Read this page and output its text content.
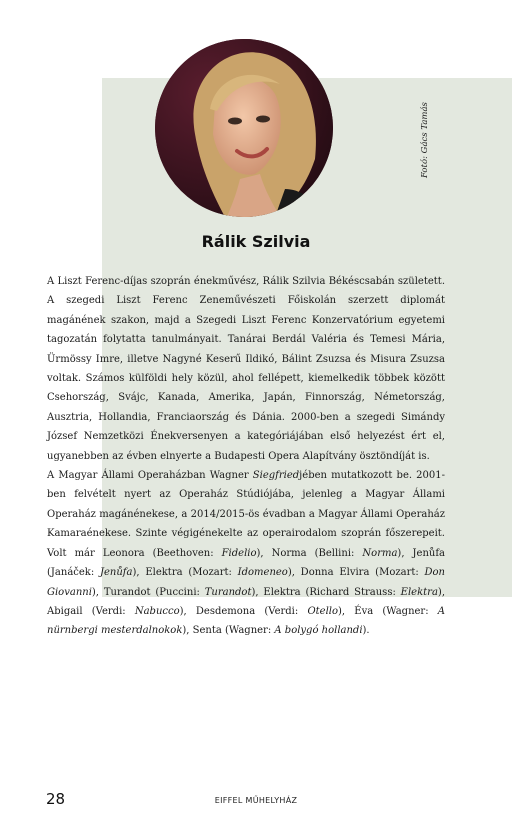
Fotó: Gács Tamás
Rálik Szilvia

A Liszt Ferenc-díjas szoprán énekművész, Rálik Szilvia Békéscsabán született. A szegedi Liszt Ferenc Zeneművészeti Főiskolán szerzett diplomát magánének szakon, majd a Szegedi Liszt Ferenc Konzervatórium egyetemi tagozatán folytatta tanulmányait. Tanárai Berdál Valéria és Temesi Mária, Ürmössy Imre, illetve Nagyné Keserű Ildikó, Bálint Zsuzsa és Misura Zsuzsa voltak. Számos külföldi hely közül, ahol fellépett, kiemelkedik többek között Csehország, Svájc, Kanada, Amerika, Japán, Finnország, Németország, Ausztria, Hollandia, Franciaország és Dánia. 2000-ben a szegedi Simándy József Nemzetközi Énekversenyen a kategóriájában első helyezést ért el, ugyanebben az évben elnyerte a Budapesti Opera Alapítvány ösztöndíját is.

A Magyar Állami Operaházban Wagner Siegfriedjében mutatkozott be. 2001-ben felvételt nyert az Operaház Stúdiójába, jelenleg a Magyar Állami Operaház magánénekese, a 2014/2015-ös évadban a Magyar Állami Operaház Kamaraénekese. Szinte végigénekelte az operairodalom szoprán főszerepeit. Volt már Leonora (Beethoven: Fidelio), Norma (Bellini: Norma), Jenůfa (Janáček: Jenůfa), Elektra (Mozart: Idomeneo), Donna Elvira (Mozart: Don Giovanni), Turandot (Puccini: Turandot), Elektra (Richard Strauss: Elektra), Abigail (Verdi: Nabucco), Desdemona (Verdi: Otello), Éva (Wagner: A nürnbergi mesterdalnokok), Senta (Wagner: A bolygó hollandi).

28	EIFFEL MŰHELYHÁZ
